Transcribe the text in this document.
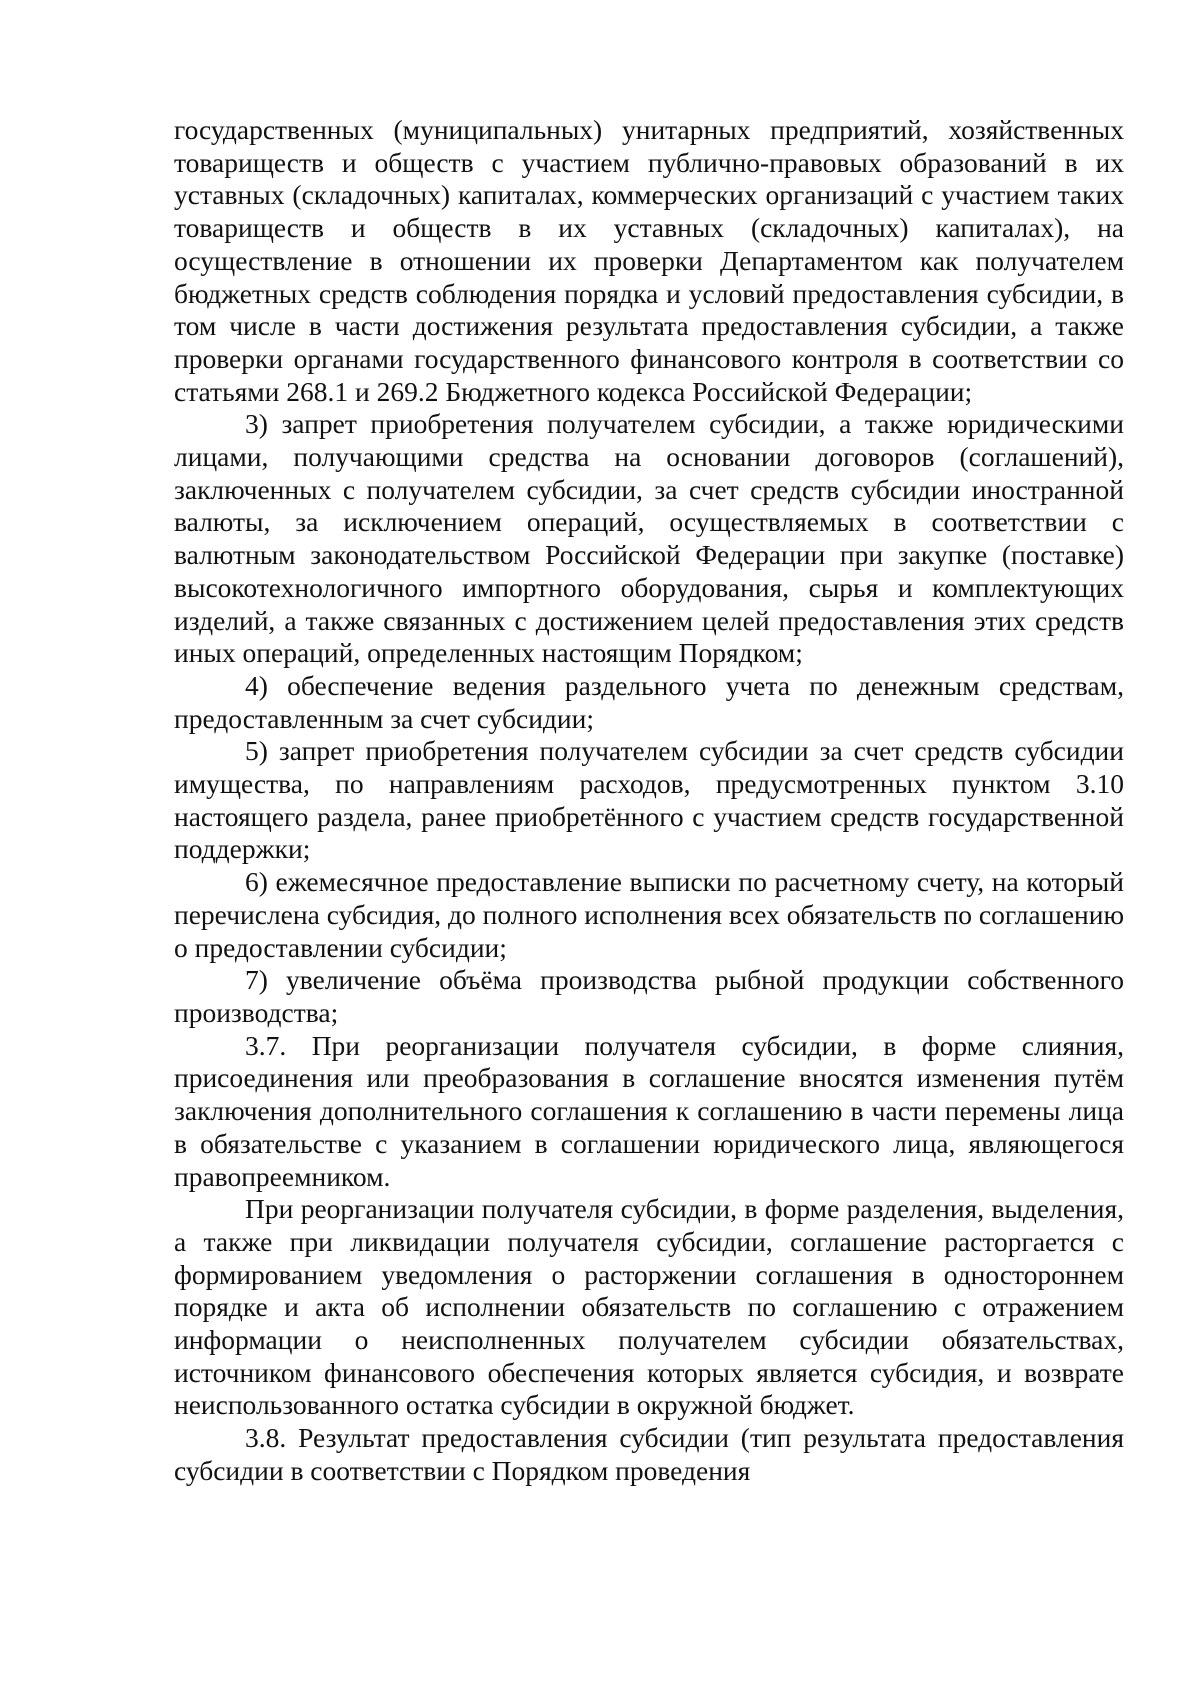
государственных (муниципальных) унитарных предприятий, хозяйственных товариществ и обществ с участием публично-правовых образований в их уставных (складочных) капиталах, коммерческих организаций с участием таких товариществ и обществ в их уставных (складочных) капиталах), на осуществление в отношении их проверки Департаментом как получателем бюджетных средств соблюдения порядка и условий предоставления субсидии, в том числе в части достижения результата предоставления субсидии, а также проверки органами государственного финансового контроля в соответствии со статьями 268.1 и 269.2 Бюджетного кодекса Российской Федерации;

3) запрет приобретения получателем субсидии, а также юридическими лицами, получающими средства на основании договоров (соглашений), заключенных с получателем субсидии, за счет средств субсидии иностранной валюты, за исключением операций, осуществляемых в соответствии с валютным законодательством Российской Федерации при закупке (поставке) высокотехнологичного импортного оборудования, сырья и комплектующих изделий, а также связанных с достижением целей предоставления этих средств иных операций, определенных настоящим Порядком;

4) обеспечение ведения раздельного учета по денежным средствам, предоставленным за счет субсидии;

5) запрет приобретения получателем субсидии за счет средств субсидии имущества, по направлениям расходов, предусмотренных пунктом 3.10 настоящего раздела, ранее приобретённого с участием средств государственной поддержки;

6) ежемесячное предоставление выписки по расчетному счету, на который перечислена субсидия, до полного исполнения всех обязательств по соглашению о предоставлении субсидии;

7) увеличение объёма производства рыбной продукции собственного производства;

3.7. При реорганизации получателя субсидии, в форме слияния, присоединения или преобразования в соглашение вносятся изменения путём заключения дополнительного соглашения к соглашению в части перемены лица в обязательстве с указанием в соглашении юридического лица, являющегося правопреемником.

При реорганизации получателя субсидии, в форме разделения, выделения, а также при ликвидации получателя субсидии, соглашение расторгается с формированием уведомления о расторжении соглашения в одностороннем порядке и акта об исполнении обязательств по соглашению с отражением информации о неисполненных получателем субсидии обязательствах, источником финансового обеспечения которых является субсидия, и возврате неиспользованного остатка субсидии в окружной бюджет.

3.8. Результат предоставления субсидии (тип результата предоставления субсидии в соответствии с Порядком проведения
